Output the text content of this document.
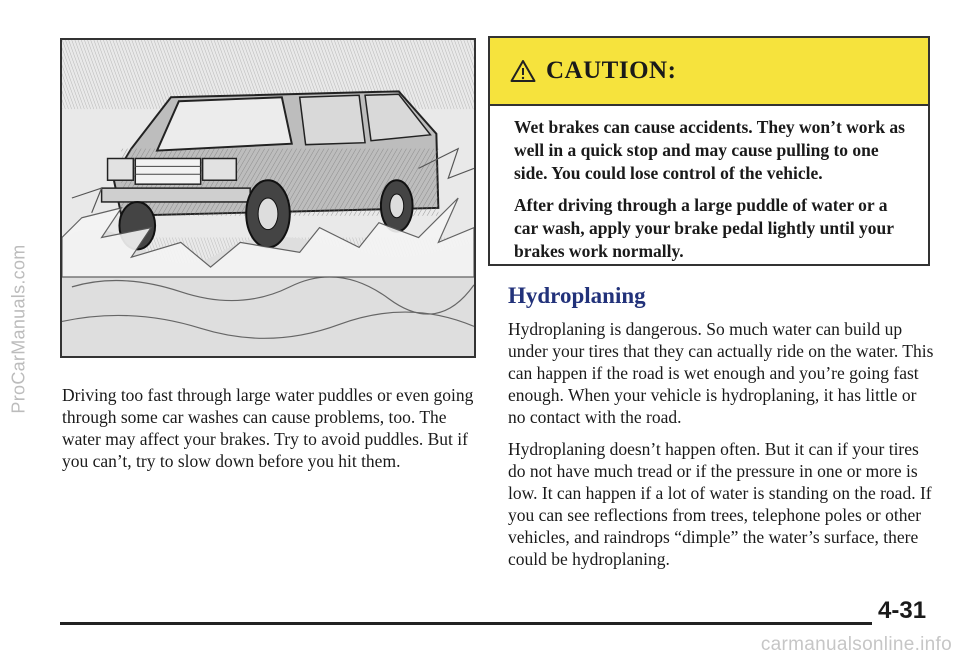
ProCarManuals.com Driving too fast through large water puddles or even going through some car washes can cause problems, too. The water may affect your brakes. Try to avoid puddles. But if you can’t, try to slow down before you hit them.

CAUTION:

Wet brakes can cause accidents. They won’t work as well in a quick stop and may cause pulling to one side. You could lose control of the vehicle.

After driving through a large puddle of water or a car wash, apply your brake pedal lightly until your brakes work normally.

Hydroplaning

Hydroplaning is dangerous. So much water can build up under your tires that they can actually ride on the water. This can happen if the road is wet enough and you’re going fast enough. When your vehicle is hydroplaning, it has little or no contact with the road.

Hydroplaning doesn’t happen often. But it can if your tires do not have much tread or if the pressure in one or more is low. It can happen if a lot of water is standing on the road. If you can see reflections from trees, telephone poles or other vehicles, and raindrops “dimple” the water’s surface, there could be hydroplaning.

4-31
carmanualsonline.info
